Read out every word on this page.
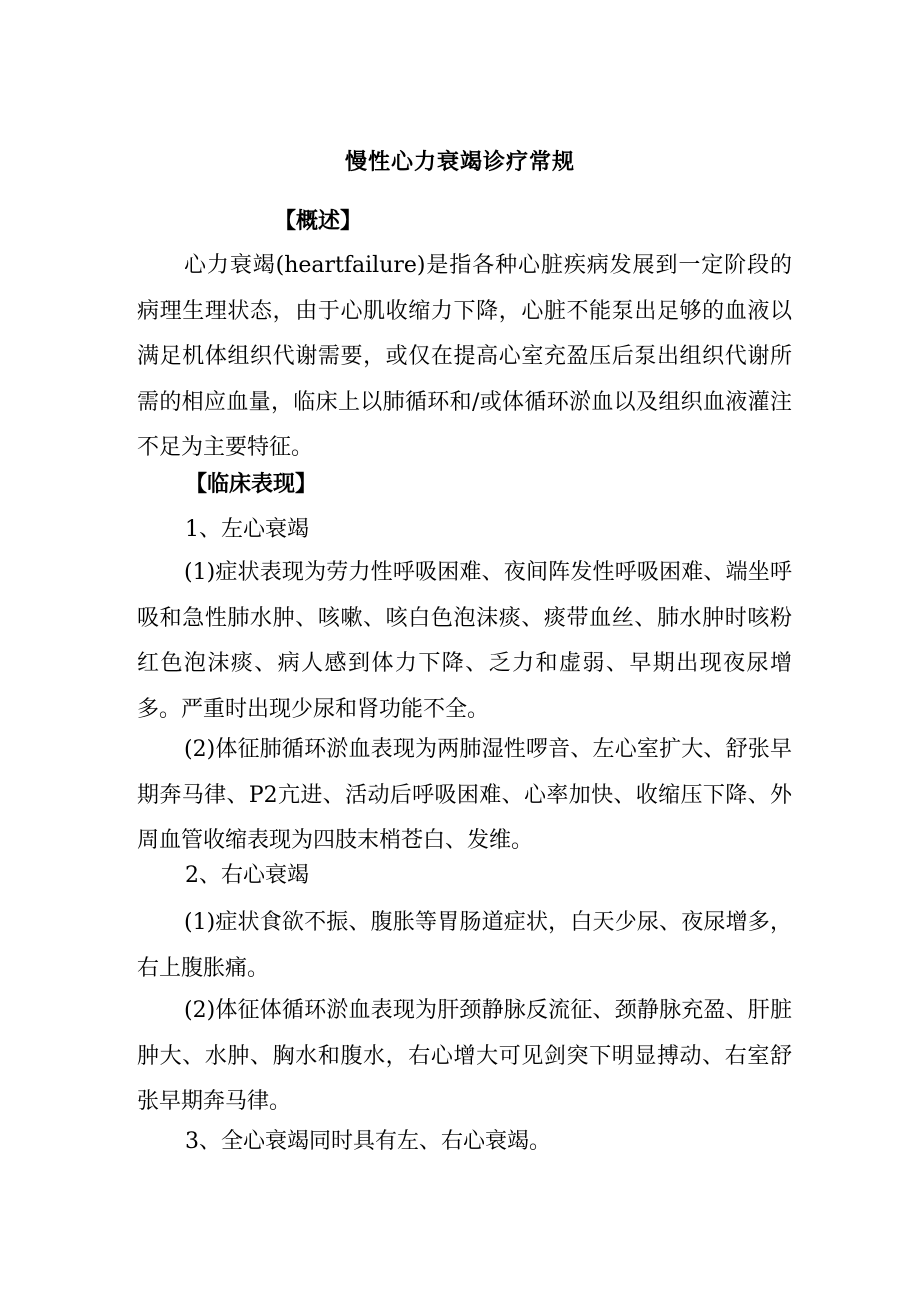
慢性心力衰竭诊疗常规
【概述】
心力衰竭(heartfailure)是指各种心脏疾病发展到一定阶段的病理生理状态，由于心肌收缩力下降，心脏不能泵出足够的血液以满足机体组织代谢需要，或仅在提高心室充盈压后泵出组织代谢所需的相应血量，临床上以肺循环和/或体循环淤血以及组织血液灌注不足为主要特征。
【临床表现】
1、左心衰竭
(1)症状表现为劳力性呼吸困难、夜间阵发性呼吸困难、端坐呼吸和急性肺水肿、咳嗽、咳白色泡沫痰、痰带血丝、肺水肿时咳粉红色泡沫痰、病人感到体力下降、乏力和虚弱、早期出现夜尿增多。严重时出现少尿和肾功能不全。
(2)体征肺循环淤血表现为两肺湿性啰音、左心室扩大、舒张早期奔马律、P2亢进、活动后呼吸困难、心率加快、收缩压下降、外周血管收缩表现为四肢末梢苍白、发维。
2、右心衰竭
(1)症状食欲不振、腹胀等胃肠道症状，白天少尿、夜尿增多，右上腹胀痛。
(2)体征体循环淤血表现为肝颈静脉反流征、颈静脉充盈、肝脏肿大、水肿、胸水和腹水，右心增大可见剑突下明显搏动、右室舒张早期奔马律。
3、全心衰竭同时具有左、右心衰竭。
